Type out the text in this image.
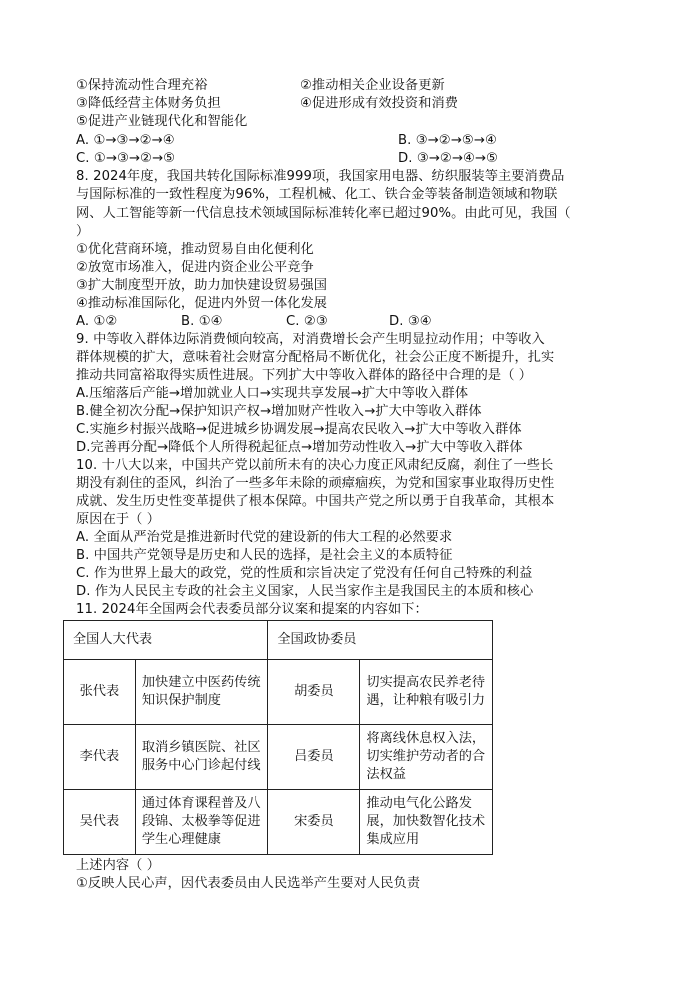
①保持流动性合理充裕	②推动相关企业设备更新
③降低经营主体财务负担	④促进形成有效投资和消费
⑤促进产业链现代化和智能化
A. ①→③→②→④	B. ③→②→⑤→④
C. ①→③→②→⑤	D. ③→②→④→⑤
8. 2024年度，我国共转化国际标准999项，我国家用电器、纺织服装等主要消费品
与国际标准的一致性程度为96%，工程机械、化工、铁合金等装备制造领域和物联
网、人工智能等新一代信息技术领域国际标准转化率已超过90%。由此可见，我国（
）
①优化营商环境，推动贸易自由化便利化
②放宽市场准入，促进内资企业公平竞争
③扩大制度型开放，助力加快建设贸易强国
④推动标准国际化，促进内外贸一体化发展
A. ①②	B. ①④	C. ②③	D. ③④
9. 中等收入群体边际消费倾向较高，对消费增长会产生明显拉动作用；中等收入
群体规模的扩大，意味着社会财富分配格局不断优化，社会公正度不断提升，扎实
推动共同富裕取得实质性进展。下列扩大中等收入群体的路径中合理的是（ ）
A.压缩落后产能→增加就业人口→实现共享发展→扩大中等收入群体
B.健全初次分配→保护知识产权→增加财产性收入→扩大中等收入群体
C.实施乡村振兴战略→促进城乡协调发展→提高农民收入→扩大中等收入群体
D.完善再分配→降低个人所得税起征点→增加劳动性收入→扩大中等收入群体
10. 十八大以来，中国共产党以前所未有的决心力度正风肃纪反腐，刹住了一些长
期没有刹住的歪风，纠治了一些多年未除的顽瘴痼疾，为党和国家事业取得历史性
成就、发生历史性变革提供了根本保障。中国共产党之所以勇于自我革命，其根本
原因在于（ ）
A. 全面从严治党是推进新时代党的建设新的伟大工程的必然要求
B. 中国共产党领导是历史和人民的选择，是社会主义的本质特征
C. 作为世界上最大的政党，党的性质和宗旨决定了党没有任何自己特殊的利益
D. 作为人民民主专政的社会主义国家，人民当家作主是我国民主的本质和核心
11. 2024年全国两会代表委员部分议案和提案的内容如下：
全国人大代表		全国政协委员	
张代表	加快建立中医药传统知识保护制度	胡委员	切实提高农民养老待遇，让种粮有吸引力
李代表	取消乡镇医院、社区服务中心门诊起付线	吕委员	将离线休息权入法，切实维护劳动者的合法权益
吴代表	通过体育课程普及八段锦、太极拳等促进学生心理健康	宋委员	推动电气化公路发展，加快数智化技术集成应用
上述内容（ ）
①反映人民心声，因代表委员由人民选举产生要对人民负责
